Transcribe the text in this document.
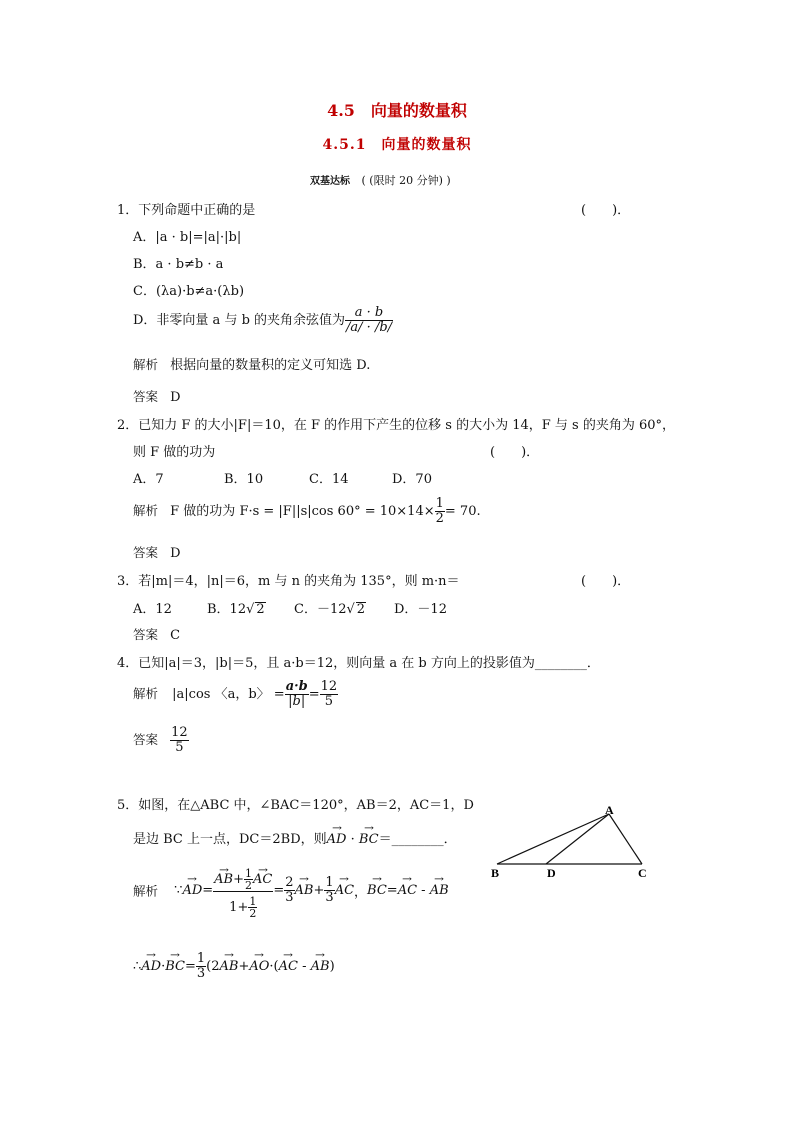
4.5　向量的数量积
4.5.1　向量的数量积
双基达标 ( (限时 20 分钟) )
1．下列命题中正确的是	(　　)．
A．|a · b|=|a|·|b|
B．a · b≠b · a
C．(λa)·b≠a·(λb)
D．非零向量 a 与 b 的夹角余弦值为 $\frac{a \cdot b}{/a/ \cdot /b/}$
解析 根据向量的数量积的定义可知选 D.
答案 D
2．已知力 F 的大小|F|＝10，在 F 的作用下产生的位移 s 的大小为 14，F 与 s 的夹角为 60°，
则 F 做的功为	(　　)．
A．7	B．10	C．14	D．70
解析 F 做的功为 F·s = |F||s|cos $60^\circ = 10\times 14\times \frac{1}{2} = 70$.
答案 D
3．若|m|＝4，|n|＝6，m 与 n 的夹角为 135°，则 m·n＝	(　　)．
A．12	B．12√ 2 C．－12√ 2 D．－12
答案 C
4．已知|a|＝3，|b|＝5，且 a·b＝12，则向量 a 在 b 方向上的投影值为________．
解析 |a|cos 〈a，b〉 = $\frac{a\cdot b}{|b|} = \frac{12}{5}$
答案 $\frac{12}{5}$
5．如图，在△ABC 中，∠BAC＝120°，AB＝2，AC＝1，D
是边 BC 上一点，DC＝2BD，则→ AD · → BC＝________．
A
B	D	C
解析 ∵→ AD=
→ $AB+ \frac{1}{2}$
→ AC
$1+ \frac{1}{2} = \frac{2}{3}$
→ $AB+ \frac{1}{3}$
→ AC，→ BC=→ AC - → AB
∴→ $AD\cdot\to BC= \frac{1}{3} (2\to AB+\to AO\cdot(\to$ AC - → AB)
